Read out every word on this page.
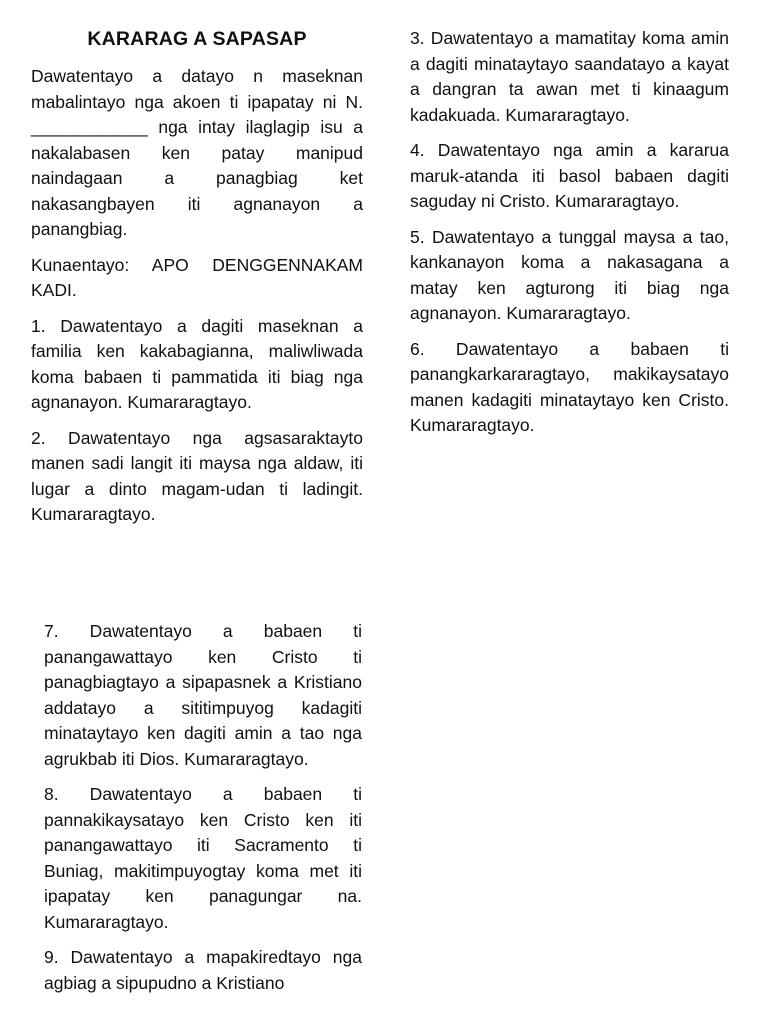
KARARAG A SAPASAP

Dawatentayo a datayo n maseknan mabalintayo nga akoen ti ipapatay ni N. ____________ nga intay ilaglagip isu a nakalabasen ken patay manipud naindagaan a panagbiag ket nakasangbayen iti agnanayon a panangbiag.

Kunaentayo: APO DENGGENNAKAM KADI.

1. Dawatentayo a dagiti maseknan a familia ken kakabagianna, maliwliwada koma babaen ti pammatida iti biag nga agnanayon. Kumararagtayo.

2. Dawatentayo nga agsasaraktayto manen sadi langit iti maysa nga aldaw, iti lugar a dinto magam-udan ti ladingit. Kumararagtayo.

3. Dawatentayo a mamatitay koma amin a dagiti minataytayo saandatayo a kayat a dangran ta awan met ti kinaagum kadakuada. Kumararagtayo.

4. Dawatentayo nga amin a kararua maruk-atanda iti basol babaen dagiti saguday ni Cristo. Kumararagtayo.

5. Dawatentayo a tunggal maysa a tao, kankanayon koma a nakasagana a matay ken agturong iti biag nga agnanayon. Kumararagtayo.

6. Dawatentayo a babaen ti panangkarkararagtayo, makikaysatayo manen kadagiti minataytayo ken Cristo. Kumararagtayo.

7. Dawatentayo a babaen ti panangawattayo ken Cristo ti panagbiagtayo a sipapasnek a Kristiano addatayo a sititimpuyog kadagiti minataytayo ken dagiti amin a tao nga agrukbab iti Dios. Kumararagtayo.

8. Dawatentayo a babaen ti pannakikaysatayo ken Cristo ken iti panangawattayo iti Sacramento ti Buniag, makitimpuyogtay koma met iti ipapatay ken panagungar na. Kumararagtayo.

9. Dawatentayo a mapakiredtayo nga agbiag a sipupudno a Kristiano
